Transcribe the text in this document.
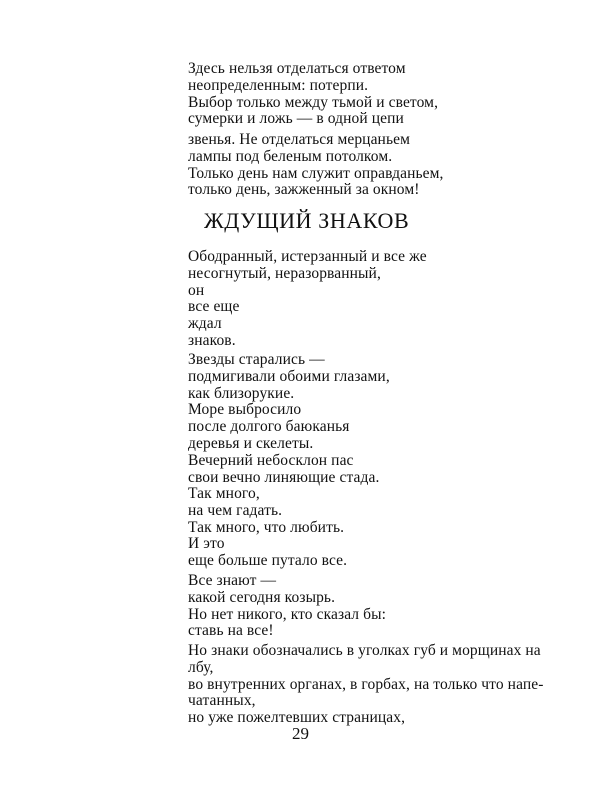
Здесь нельзя отделаться ответом
неопределенным: потерпи.
Выбор только между тьмой и светом,
сумерки и ложь — в одной цепи
звенья. Не отделаться мерцаньем
лампы под беленым потолком.
Только день нам служит оправданьем,
только день, зажженный за окном!
ЖДУЩИЙ ЗНАКОВ
Ободранный, истерзанный и все же
несогнутый, неразорванный,
он
все еще
ждал
знаков.
Звезды старались —
подмигивали обоими глазами,
как близорукие.
Море выбросило
после долгого баюканья
деревья и скелеты.
Вечерний небосклон пас
свои вечно линяющие стада.
Так много,
на чем гадать.
Так много, что любить.
И это
еще больше путало все.
Все знают —
какой сегодня козырь.
Но нет никого, кто сказал бы:
ставь на все!
Но знаки обозначались в уголках губ и морщинах на
лбу,
во внутренних органах, в горбах, на только что напе-
чатанных,
но уже пожелтевших страницах,
29
